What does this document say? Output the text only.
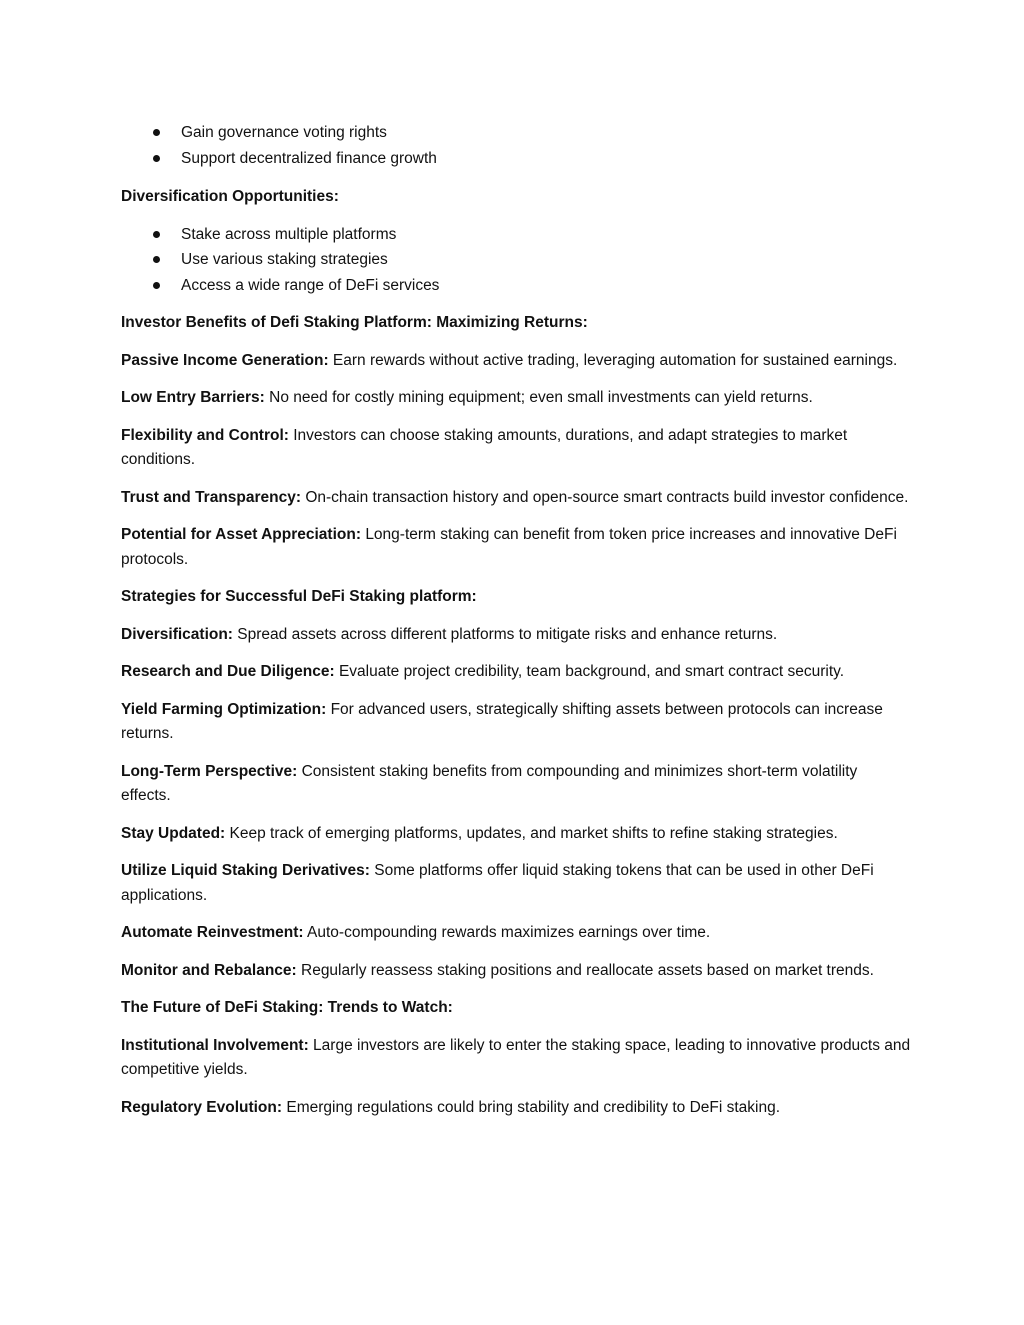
Gain governance voting rights
Support decentralized finance growth

Diversification Opportunities:

Stake across multiple platforms
Use various staking strategies
Access a wide range of DeFi services

Investor Benefits of Defi Staking Platform: Maximizing Returns:

Passive Income Generation: Earn rewards without active trading, leveraging automation for sustained earnings.

Low Entry Barriers: No need for costly mining equipment; even small investments can yield returns.

Flexibility and Control: Investors can choose staking amounts, durations, and adapt strategies to market conditions.

Trust and Transparency: On-chain transaction history and open-source smart contracts build investor confidence.

Potential for Asset Appreciation: Long-term staking can benefit from token price increases and innovative DeFi protocols.

Strategies for Successful DeFi Staking platform:

Diversification: Spread assets across different platforms to mitigate risks and enhance returns.

Research and Due Diligence: Evaluate project credibility, team background, and smart contract security.

Yield Farming Optimization: For advanced users, strategically shifting assets between protocols can increase returns.

Long-Term Perspective: Consistent staking benefits from compounding and minimizes short-term volatility effects.

Stay Updated: Keep track of emerging platforms, updates, and market shifts to refine staking strategies.

Utilize Liquid Staking Derivatives: Some platforms offer liquid staking tokens that can be used in other DeFi applications.

Automate Reinvestment: Auto-compounding rewards maximizes earnings over time.

Monitor and Rebalance: Regularly reassess staking positions and reallocate assets based on market trends.

The Future of DeFi Staking: Trends to Watch:

Institutional Involvement: Large investors are likely to enter the staking space, leading to innovative products and competitive yields.

Regulatory Evolution: Emerging regulations could bring stability and credibility to DeFi staking.
